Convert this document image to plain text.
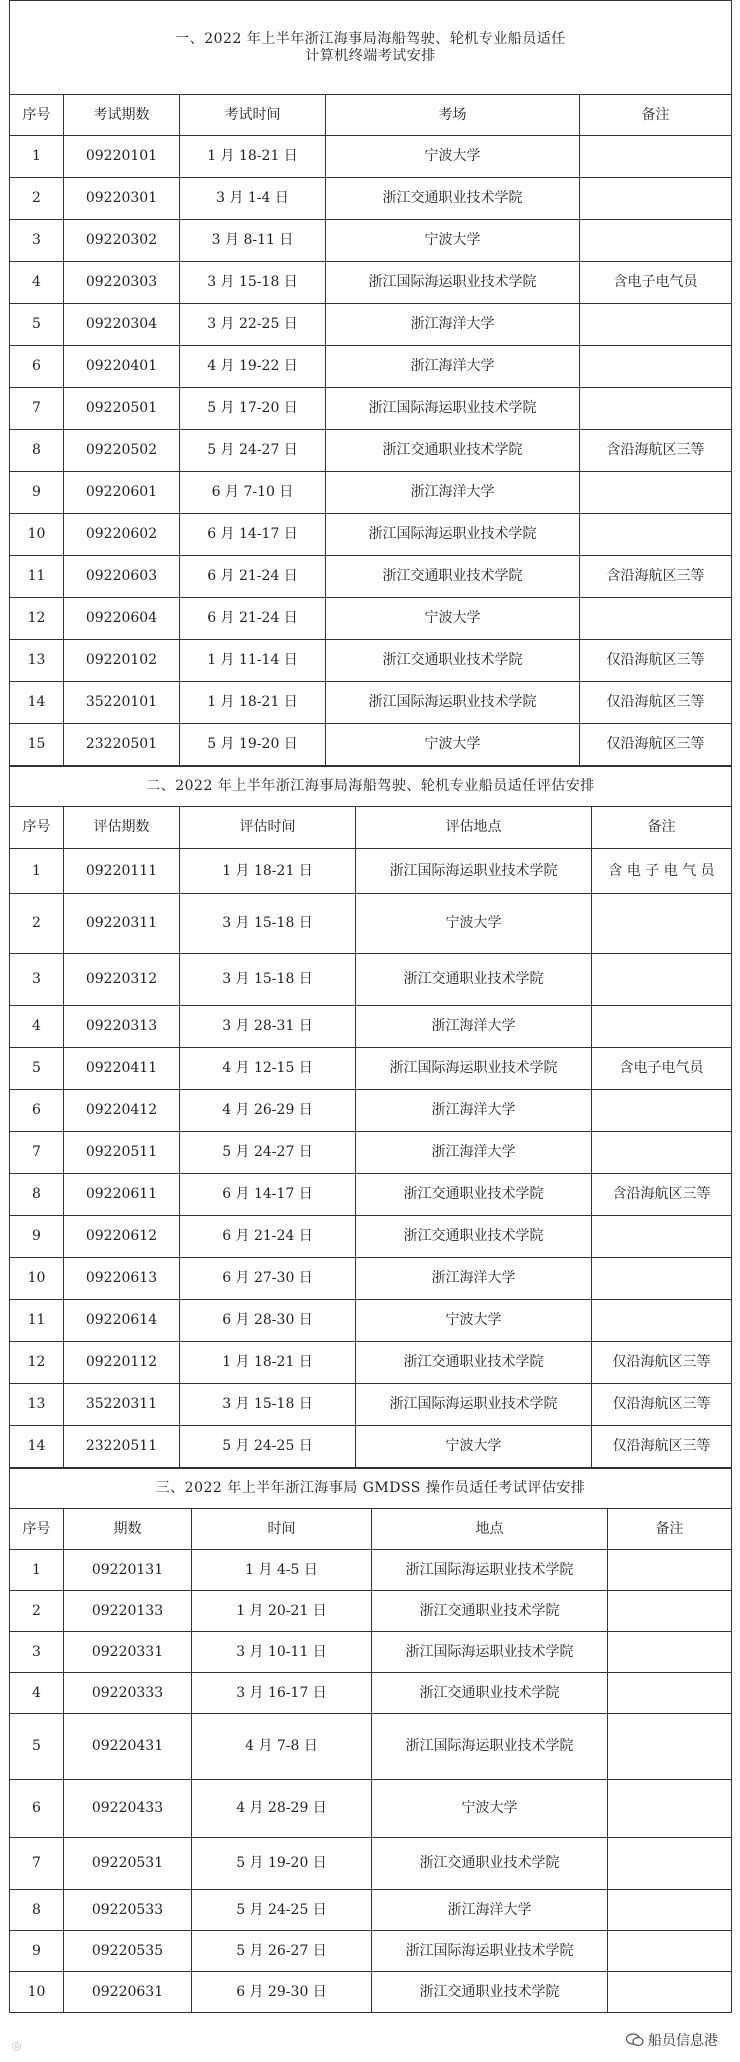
一、2022 年上半年浙江海事局海船驾驶、轮机专业船员适任
计算机终端考试安排				

序号	考试期数	考试时间	考场	备注
1	09220101	1 月 18-21 日	宁波大学	
2	09220301	3 月 1-4 日	浙江交通职业技术学院	
3	09220302	3 月 8-11 日	宁波大学	
4	09220303	3 月 15-18 日	浙江国际海运职业技术学院	含电子电气员
5	09220304	3 月 22-25 日	浙江海洋大学	
6	09220401	4 月 19-22 日	浙江海洋大学	
7	09220501	5 月 17-20 日	浙江国际海运职业技术学院	
8	09220502	5 月 24-27 日	浙江交通职业技术学院	含沿海航区三等
9	09220601	6 月 7-10 日	浙江海洋大学	
10	09220602	6 月 14-17 日	浙江国际海运职业技术学院	
11	09220603	6 月 21-24 日	浙江交通职业技术学院	含沿海航区三等
12	09220604	6 月 21-24 日	宁波大学	
13	09220102	1 月 11-14 日	浙江交通职业技术学院	仅沿海航区三等
14	35220101	1 月 18-21 日	浙江国际海运职业技术学院	仅沿海航区三等
15	23220501	5 月 19-20 日	宁波大学	仅沿海航区三等
二、2022 年上半年浙江海事局海船驾驶、轮机专业船员适任评估安排				
序号	评估期数	评估时间	评估地点	备注
1	09220111	1 月 18-21 日	浙江国际海运职业技术学院	含 电 子 电 气 员
2	09220311	3 月 15-18 日	宁波大学	
3	09220312	3 月 15-18 日	浙江交通职业技术学院	
4	09220313	3 月 28-31 日	浙江海洋大学	
5	09220411	4 月 12-15 日	浙江国际海运职业技术学院	含电子电气员
6	09220412	4 月 26-29 日	浙江海洋大学	
7	09220511	5 月 24-27 日	浙江海洋大学	
8	09220611	6 月 14-17 日	浙江交通职业技术学院	含沿海航区三等
9	09220612	6 月 21-24 日	浙江交通职业技术学院	
10	09220613	6 月 27-30 日	浙江海洋大学	
11	09220614	6 月 28-30 日	宁波大学	
12	09220112	1 月 18-21 日	浙江交通职业技术学院	仅沿海航区三等
13	35220311	3 月 15-18 日	浙江国际海运职业技术学院	仅沿海航区三等
14	23220511	5 月 24-25 日	宁波大学	仅沿海航区三等
三、2022 年上半年浙江海事局 GMDSS 操作员适任考试评估安排				
序号	期数	时间	地点	备注
1	09220131	1 月 4-5 日	浙江国际海运职业技术学院	
2	09220133	1 月 20-21 日	浙江交通职业技术学院	
3	09220331	3 月 10-11 日	浙江国际海运职业技术学院	
4	09220333	3 月 16-17 日	浙江交通职业技术学院	
5	09220431	4 月 7-8 日	浙江国际海运职业技术学院	
6	09220433	4 月 28-29 日	宁波大学	
7	09220531	5 月 19-20 日	浙江交通职业技术学院	
8	09220533	5 月 24-25 日	浙江海洋大学	
9	09220535	5 月 26-27 日	浙江国际海运职业技术学院	
10	09220631	6 月 29-30 日	浙江交通职业技术学院	
◎	船员信息港
